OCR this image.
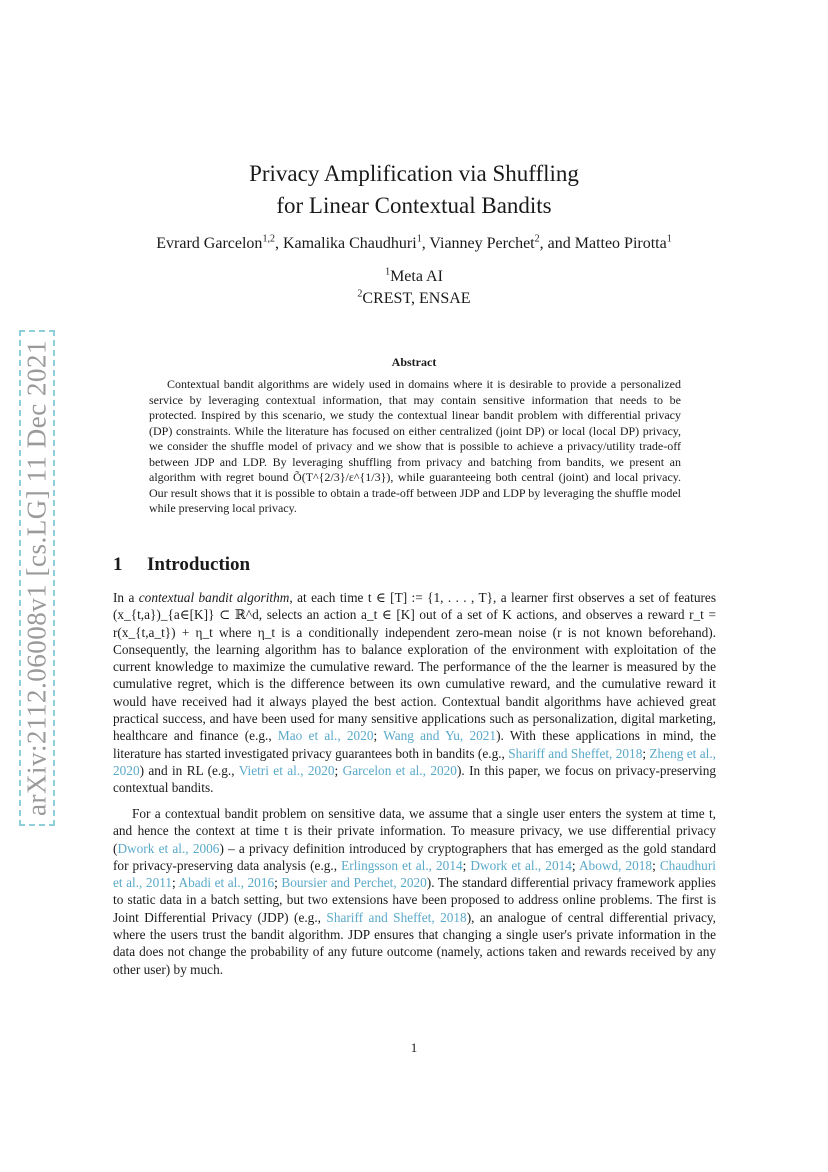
arXiv:2112.06008v1 [cs.LG] 11 Dec 2021
Privacy Amplification via Shuffling
for Linear Contextual Bandits
Evrard Garcelon$^{1,2}$, Kamalika Chaudhuri$^1$, Vianney Perchet$^2$, and Matteo Pirotta$^1$
$^1$Meta AI
$^2$CREST, ENSAE
Abstract

Contextual bandit algorithms are widely used in domains where it is desirable to provide a personalized service by leveraging contextual information, that may contain sensitive information that needs to be protected. Inspired by this scenario, we study the contextual linear bandit problem with differential privacy (DP) constraints. While the literature has focused on either centralized (joint DP) or local (local DP) privacy, we consider the shuffle model of privacy and we show that is possible to achieve a privacy/utility trade-off between JDP and LDP. By leveraging shuffling from privacy and batching from bandits, we present an algorithm with regret bound Õ(T^{2/3}/ε^{1/3}), while guaranteeing both central (joint) and local privacy. Our result shows that it is possible to obtain a trade-off between JDP and LDP by leveraging the shuffle model while preserving local privacy.

1 Introduction

In a contextual bandit algorithm, at each time t ∈ [T] := {1, . . . , T}, a learner first observes a set of features (x_{t,a})_{a∈[K]} ⊂ ℝ^d, selects an action a_t ∈ [K] out of a set of K actions, and observes a reward r_t = r(x_{t,a_t}) + η_t where η_t is a conditionally independent zero-mean noise (r is not known beforehand). Consequently, the learning algorithm has to balance exploration of the environment with exploitation of the current knowledge to maximize the cumulative reward. The performance of the the learner is measured by the cumulative regret, which is the difference between its own cumulative reward, and the cumulative reward it would have received had it always played the best action. Contextual bandit algorithms have achieved great practical success, and have been used for many sensitive applications such as personalization, digital marketing, healthcare and finance (e.g., Mao et al., 2020; Wang and Yu, 2021). With these applications in mind, the literature has started investigated privacy guarantees both in bandits (e.g., Shariff and Sheffet, 2018; Zheng et al., 2020) and in RL (e.g., Vietri et al., 2020; Garcelon et al., 2020). In this paper, we focus on privacy-preserving contextual bandits.

For a contextual bandit problem on sensitive data, we assume that a single user enters the system at time t, and hence the context at time t is their private information. To measure privacy, we use differential privacy (Dwork et al., 2006) – a privacy definition introduced by cryptographers that has emerged as the gold standard for privacy-preserving data analysis (e.g., Erlingsson et al., 2014; Dwork et al., 2014; Abowd, 2018; Chaudhuri et al., 2011; Abadi et al., 2016; Boursier and Perchet, 2020). The standard differential privacy framework applies to static data in a batch setting, but two extensions have been proposed to address online problems. The first is Joint Differential Privacy (JDP) (e.g., Shariff and Sheffet, 2018), an analogue of central differential privacy, where the users trust the bandit algorithm. JDP ensures that changing a single user's private information in the data does not change the probability of any future outcome (namely, actions taken and rewards received by any other user) by much.

1
